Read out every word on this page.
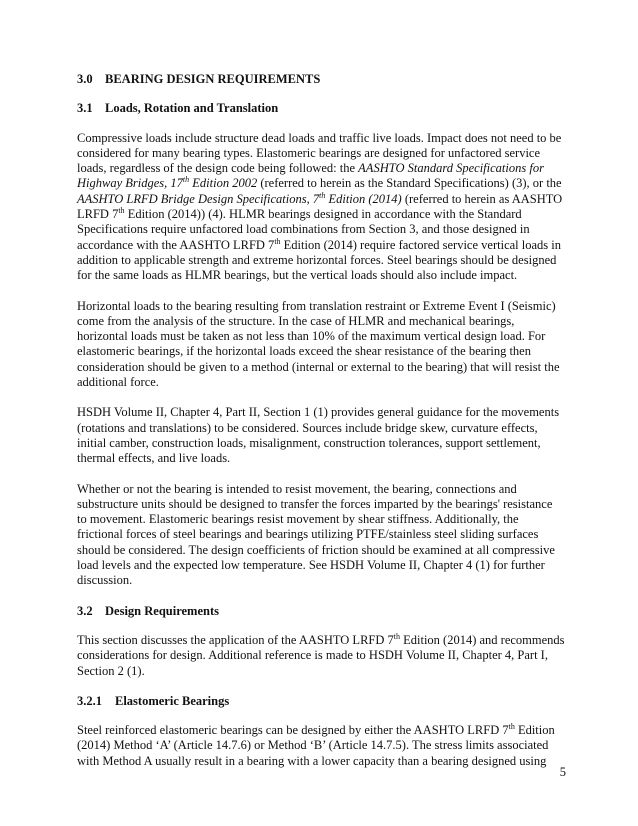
3.0 BEARING DESIGN REQUIREMENTS
3.1 Loads, Rotation and Translation

Compressive loads include structure dead loads and traffic live loads. Impact does not need to be considered for many bearing types. Elastomeric bearings are designed for unfactored service loads, regardless of the design code being followed: the AASHTO Standard Specifications for Highway Bridges, 17th Edition 2002 (referred to herein as the Standard Specifications) (3), or the AASHTO LRFD Bridge Design Specifications, 7th Edition (2014) (referred to herein as AASHTO LRFD 7th Edition (2014)) (4). HLMR bearings designed in accordance with the Standard Specifications require unfactored load combinations from Section 3, and those designed in accordance with the AASHTO LRFD 7th Edition (2014) require factored service vertical loads in addition to applicable strength and extreme horizontal forces. Steel bearings should be designed for the same loads as HLMR bearings, but the vertical loads should also include impact.

Horizontal loads to the bearing resulting from translation restraint or Extreme Event I (Seismic) come from the analysis of the structure. In the case of HLMR and mechanical bearings, horizontal loads must be taken as not less than 10% of the maximum vertical design load. For elastomeric bearings, if the horizontal loads exceed the shear resistance of the bearing then consideration should be given to a method (internal or external to the bearing) that will resist the additional force.

HSDH Volume II, Chapter 4, Part II, Section 1 (1) provides general guidance for the movements (rotations and translations) to be considered. Sources include bridge skew, curvature effects, initial camber, construction loads, misalignment, construction tolerances, support settlement, thermal effects, and live loads.

Whether or not the bearing is intended to resist movement, the bearing, connections and substructure units should be designed to transfer the forces imparted by the bearings' resistance to movement. Elastomeric bearings resist movement by shear stiffness. Additionally, the frictional forces of steel bearings and bearings utilizing PTFE/stainless steel sliding surfaces should be considered. The design coefficients of friction should be examined at all compressive load levels and the expected low temperature. See HSDH Volume II, Chapter 4 (1) for further discussion.

3.2 Design Requirements

This section discusses the application of the AASHTO LRFD 7th Edition (2014) and recommends considerations for design. Additional reference is made to HSDH Volume II, Chapter 4, Part I, Section 2 (1).

3.2.1 Elastomeric Bearings

Steel reinforced elastomeric bearings can be designed by either the AASHTO LRFD 7th Edition (2014) Method ‘A’ (Article 14.7.6) or Method ‘B’ (Article 14.7.5). The stress limits associated with Method A usually result in a bearing with a lower capacity than a bearing designed using

5
